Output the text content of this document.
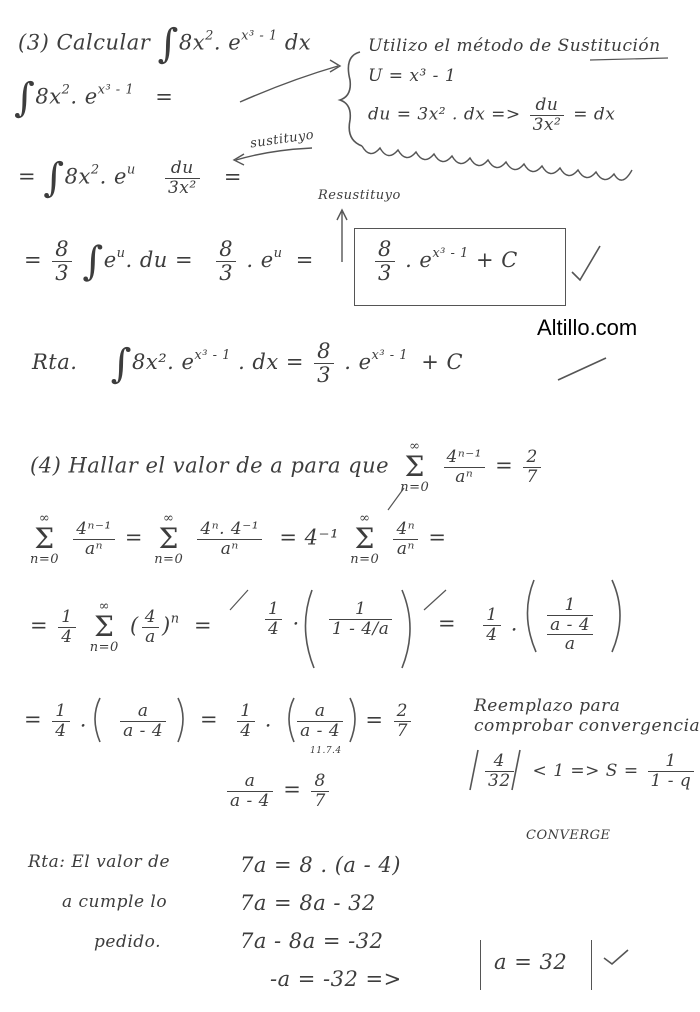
(3) Calcular $\int 8x^2$. $e^{x^3 - 1}$ dx
$\int 8x^2$. $e^{x^3 - 1}$ =
Utilizo el método de Sustitución
U = x³ - 1
du = 3x² . dx => $\frac{du}{\text{3x²}}$ = dx
sustituyo
= $\int 8x^2$. $e^u \frac{du}{\text{3x²}}$ =
Resustituyo
= $\frac{8}{3} \int e^u$. du = $\frac{8}{3}$ . $e^u$ =	$\frac{8}{3}$ . $e^{x^3 - 1} + C$
Altillo.com
Rta. ∫8x². $e^{x^3 - 1}$ . dx = $\frac{8}{3}$ . $e^{x^3 - 1} + C$
(4) Hallar el valor de a para que
∞
Σ
n=0

$\frac{\text{4ⁿ⁻¹}}{\text{aⁿ}} = \frac{2}{7}$
∞
Σ
n=0

$\frac{\text{4ⁿ⁻¹}}{\text{aⁿ}}$ =
∞
Σ
n=0

$\frac{\text{4ⁿ. 4⁻¹}}{\text{aⁿ}} = 4^{-1}$
∞
Σ
n=0

$\frac{\text{4ⁿ}}{\text{aⁿ}}$ =
= $\frac{1}{4}$

∞
Σ
n=0
( $\frac{4}{a} )^n$  =	$\frac{1}{4}$ . $\frac{1}{1 - 4/a} = \frac{1}{4}$ .
1
a - 4
a
= $\frac{1}{4}$ . $\frac{a}{a - 4} = \frac{1}{4}$ . $\frac{a}{a - 4} = \frac{2}{7}$
11.7.4
$\frac{a}{a - 4} = \frac{8}{7}$
Reemplazo para
comprobar convergencia
$\frac{4}{32} < 1 => S = \frac{1}{1 - q}$
CONVERGE
Rta: El valor de
a cumple lo
pedido.
7a = 8 . (a - 4)
7a = 8a - 32
7a - 8a = -32
-a = -32 =>
a = 32
